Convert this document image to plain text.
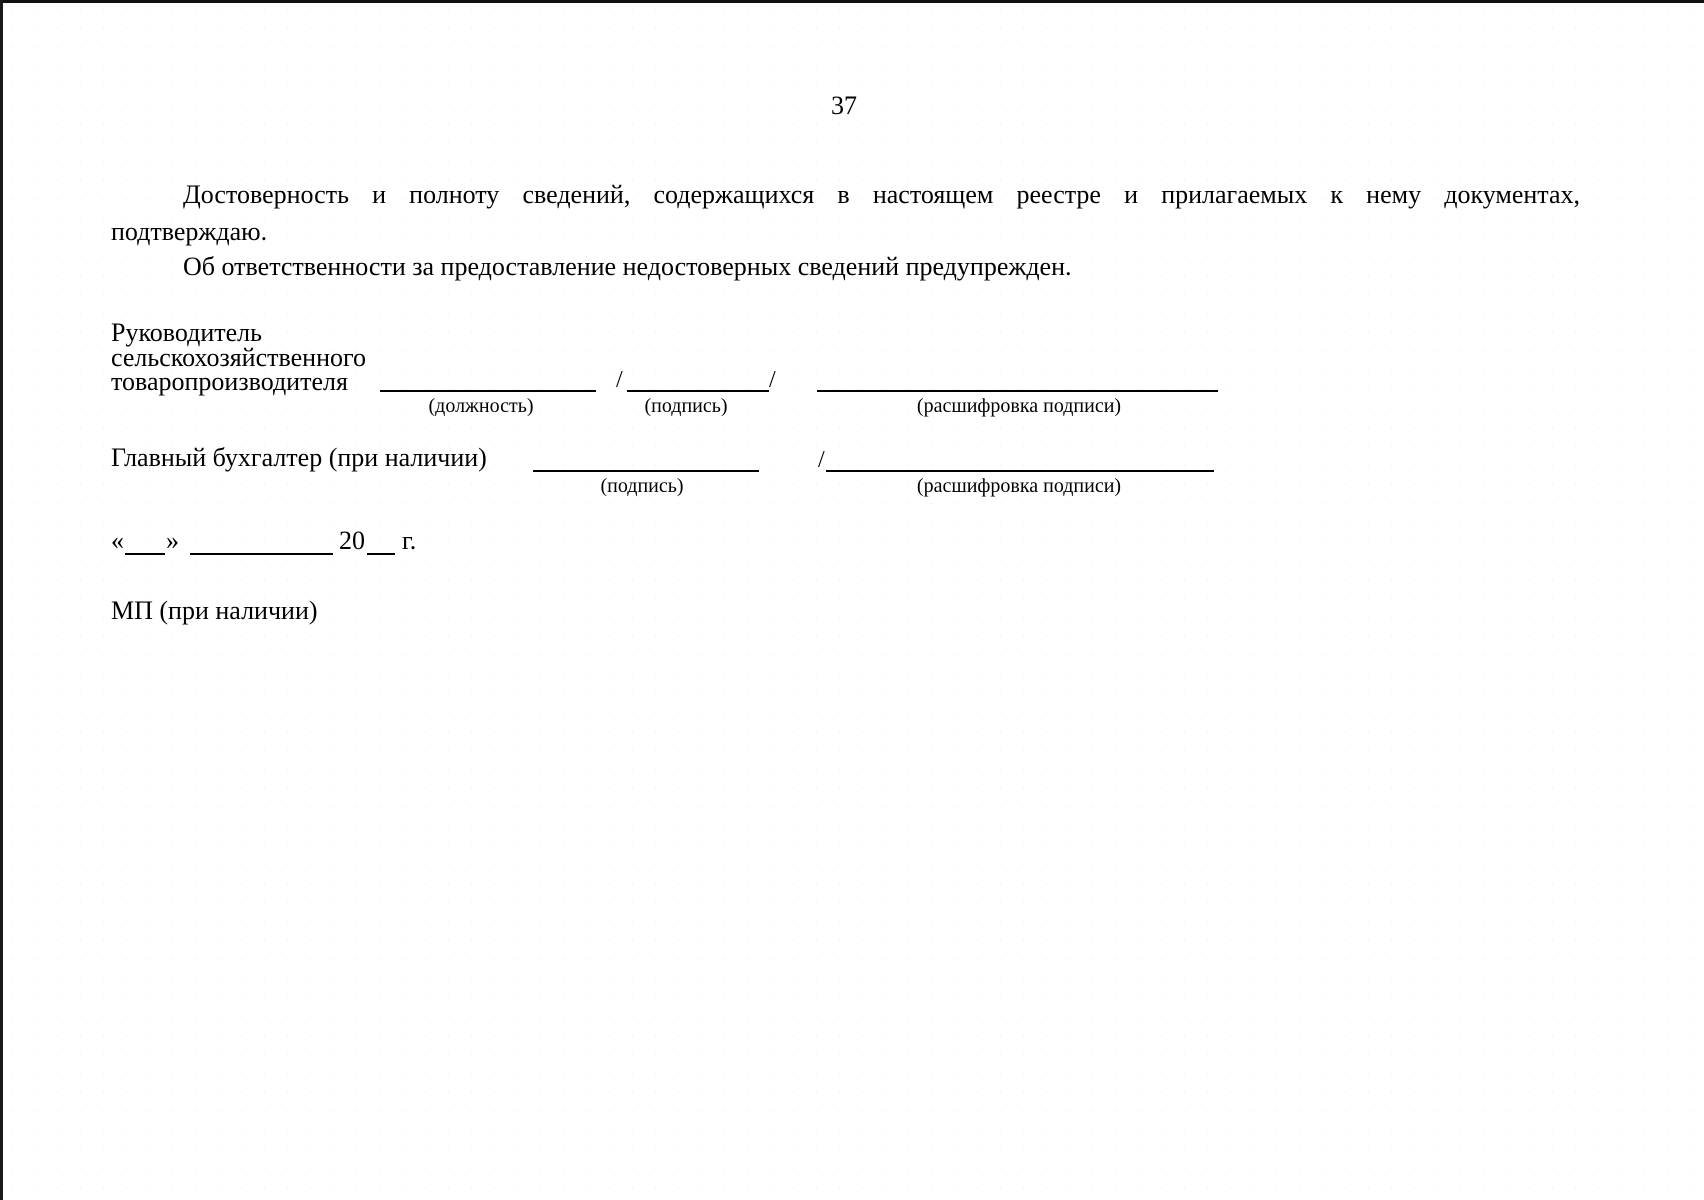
37
Достоверность и полноту сведений, содержащихся в настоящем реестре и прилагаемых к нему документах,
подтверждаю.
Об ответственности за предоставление недостоверных сведений предупрежден.
Руководитель
сельскохозяйственного
товаропроизводителя	/	/
(должность)	(подпись)	(расшифровка подписи)
Главный бухгалтер (при наличии)	/
(подпись)	(расшифровка подписи)
« »	20 г.
МП (при наличии)
